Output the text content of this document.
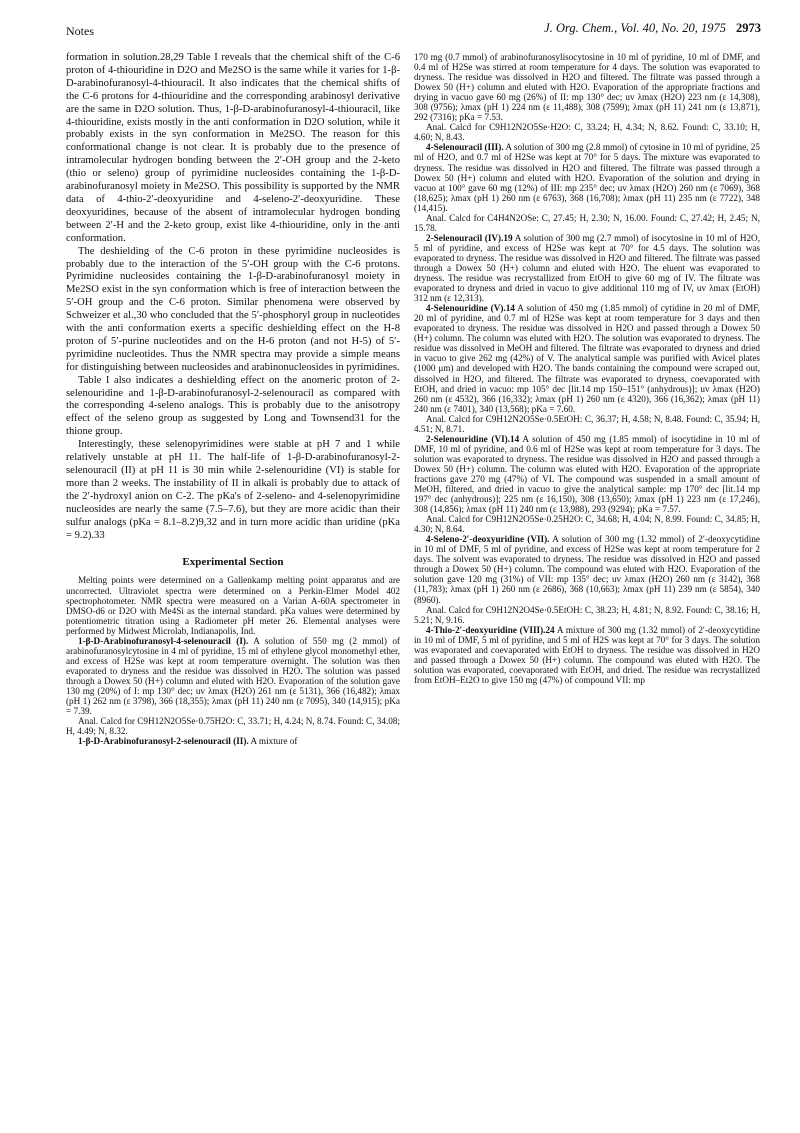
Notes	J. Org. Chem., Vol. 40, No. 20, 1975 2973

formation in solution.28,29 Table I reveals that the chemical shift of the C-6 proton of 4-thiouridine in D2O and Me2SO is the same while it varies for 1-β-D-arabinofuranosyl-4-thiouracil. It also indicates that the chemical shifts of the C-6 protons for 4-thiouridine and the corresponding arabinosyl derivative are the same in D2O solution. Thus, 1-β-D-arabinofuranosyl-4-thiouracil, like 4-thiouridine, exists mostly in the anti conformation in D2O solution, while it probably exists in the syn conformation in Me2SO. The reason for this conformational change is not clear. It is probably due to the presence of intramolecular hydrogen bonding between the 2′-OH group and the 2-keto (thio or seleno) group of pyrimidine nucleosides containing the 1-β-D-arabinofuranosyl moiety in Me2SO. This possibility is supported by the NMR data of 4-thio-2′-deoxyuridine and 4-seleno-2′-deoxyuridine. These deoxyuridines, because of the absent of intramolecular hydrogen bonding between 2′-H and the 2-keto group, exist like 4-thiouridine, only in the anti conformation.

The deshielding of the C-6 proton in these pyrimidine nucleosides is probably due to the interaction of the 5′-OH group with the C-6 protons. Pyrimidine nucleosides containing the 1-β-D-arabinofuranosyl moiety in Me2SO exist in the syn conformation which is free of interaction between the 5′-OH group and the C-6 proton. Similar phenomena were observed by Schweizer et al.,30 who concluded that the 5′-phosphoryl group in nucleotides with the anti conformation exerts a specific deshielding effect on the H-8 proton of 5′-purine nucleotides and on the H-6 proton (and not H-5) of 5′-pyrimidine nucleotides. Thus the NMR spectra may provide a simple means for distinguishing between nucleosides and arabinonucleosides in pyrimidines.

Table I also indicates a deshielding effect on the anomeric proton of 2-selenouridine and 1-β-D-arabinofuranosyl-2-selenouracil as compared with the corresponding 4-seleno analogs. This is probably due to the anisotropy effect of the seleno group as suggested by Long and Townsend31 for the thione group.

Interestingly, these selenopyrimidines were stable at pH 7 and 1 while relatively unstable at pH 11. The half-life of 1-β-D-arabinofuranosyl-2-selenouracil (II) at pH 11 is 30 min while 2-selenouridine (VI) is stable for more than 2 weeks. The instability of II in alkali is probably due to attack of the 2′-hydroxyl anion on C-2. The pKa's of 2-seleno- and 4-selenopyrimidine nucleosides are nearly the same (7.5–7.6), but they are more acidic than their sulfur analogs (pKa = 8.1–8.2)9,32 and in turn more acidic than uridine (pKa = 9.2).33

Experimental Section

Melting points were determined on a Gallenkamp melting point apparatus and are uncorrected. Ultraviolet spectra were determined on a Perkin-Elmer Model 402 spectrophotometer. NMR spectra were measured on a Varian A-60A spectrometer in DMSO-d6 or D2O with Me4Si as the internal standard. pKa values were determined by potentiometric titration using a Radiometer pH meter 26. Elemental analyses were performed by Midwest Microlab, Indianapolis, Ind.

1-β-D-Arabinofuranosyl-4-selenouracil (I). A solution of 550 mg (2 mmol) of arabinofuranosylcytosine in 4 ml of pyridine, 15 ml of ethylene glycol monomethyl ether, and excess of H2Se was kept at room temperature overnight. The solution was then evaporated to dryness and the residue was dissolved in H2O. The solution was passed through a Dowex 50 (H+) column and eluted with H2O. Evaporation of the solution gave 130 mg (20%) of I: mp 130° dec; uv λmax (H2O) 261 nm (ε 5131), 366 (16,482); λmax (pH 1) 262 nm (ε 3798), 366 (18,355); λmax (pH 11) 240 nm (ε 7095), 340 (14,915); pKa = 7.39.

Anal. Calcd for C9H12N2O5Se·0.75H2O: C, 33.71; H, 4.24; N, 8.74. Found: C, 34.08; H, 4.49; N, 8.32.

1-β-D-Arabinofuranosyl-2-selenouracil (II). A mixture of

170 mg (0.7 mmol) of arabinofuranosylisocytosine in 10 ml of pyridine, 10 ml of DMF, and 0.4 ml of H2Se was stirred at room temperature for 4 days. The solution was evaporated to dryness. The residue was dissolved in H2O and filtered. The filtrate was passed through a Dowex 50 (H+) column and eluted with H2O. Evaporation of the appropriate fractions and drying in vacuo gave 60 mg (26%) of II: mp 130° dec; uv λmax (H2O) 223 nm (ε 14,308), 308 (9756); λmax (pH 1) 224 nm (ε 11,488), 308 (7599); λmax (pH 11) 241 nm (ε 13,871), 292 (7316); pKa = 7.53.

Anal. Calcd for C9H12N2O5Se·H2O: C, 33.24; H, 4.34; N, 8.62. Found: C, 33.10; H, 4.60; N, 8.43.

4-Selenouracil (III). A solution of 300 mg (2.8 mmol) of cytosine in 10 ml of pyridine, 25 ml of H2O, and 0.7 ml of H2Se was kept at 70° for 5 days. The mixture was evaporated to dryness. The residue was dissolved in H2O and filtered. The filtrate was passed through a Dowex 50 (H+) column and eluted with H2O. Evaporation of the solution and drying in vacuo at 100° gave 60 mg (12%) of III: mp 235° dec; uv λmax (H2O) 260 nm (ε 7069), 368 (18,625); λmax (pH 1) 260 nm (ε 6763), 368 (16,708); λmax (pH 11) 235 nm (ε 7722), 348 (14,415).

Anal. Calcd for C4H4N2OSe: C, 27.45; H, 2.30; N, 16.00. Found: C, 27.42; H, 2.45; N, 15.78.

2-Selenouracil (IV).19 A solution of 300 mg (2.7 mmol) of isocytosine in 10 ml of H2O, 5 ml of pyridine, and excess of H2Se was kept at 70° for 4.5 days. The solution was evaporated to dryness. The residue was dissolved in H2O and filtered. The filtrate was passed through a Dowex 50 (H+) column and eluted with H2O. The eluent was evaporated to dryness. The residue was recrystallized from EtOH to give 60 mg of IV. The filtrate was evaporated to dryness and dried in vacuo to give additional 110 mg of IV, uv λmax (EtOH) 312 nm (ε 12,313).

4-Selenouridine (V).14 A solution of 450 mg (1.85 mmol) of cytidine in 20 ml of DMF, 20 ml of pyridine, and 0.7 ml of H2Se was kept at room temperature for 3 days and then evaporated to dryness. The residue was dissolved in H2O and passed through a Dowex 50 (H+) column. The column was eluted with H2O. The solution was evaporated to dryness. The residue was dissolved in MeOH and filtered. The filtrate was evaporated to dryness and dried in vacuo to give 262 mg (42%) of V. The analytical sample was purified with Avicel plates (1000 μm) and developed with H2O. The bands containing the compound were scraped out, dissolved in H2O, and filtered. The filtrate was evaporated to dryness, coevaporated with EtOH, and dried in vacuo: mp 105° dec [lit.14 mp 150–151° (anhydrous)]; uv λmax (H2O) 260 nm (ε 4532), 366 (16,332); λmax (pH 1) 260 nm (ε 4320), 366 (16,362); λmax (pH 11) 240 nm (ε 7401), 340 (13,568); pKa = 7.60.

Anal. Calcd for C9H12N2O5Se·0.5EtOH: C, 36.37; H, 4.58; N, 8.48. Found: C, 35.94; H, 4.51; N, 8.71.

2-Selenouridine (VI).14 A solution of 450 mg (1.85 mmol) of isocytidine in 10 ml of DMF, 10 ml of pyridine, and 0.6 ml of H2Se was kept at room temperature for 3 days. The solution was evaporated to dryness. The residue was dissolved in H2O and passed through a Dowex 50 (H+) column. The column was eluted with H2O. Evaporation of the appropriate fractions gave 270 mg (47%) of VI. The compound was suspended in a small amount of MeOH, filtered, and dried in vacuo to give the analytical sample: mp 170° dec [lit.14 mp 197° dec (anhydrous)]; 225 nm (ε 16,150), 308 (13,650); λmax (pH 1) 223 nm (ε 17,246), 308 (14,856); λmax (pH 11) 240 nm (ε 13,988), 293 (9294); pKa = 7.57.

Anal. Calcd for C9H12N2O5Se·0.25H2O: C, 34.68; H, 4.04; N, 8.99. Found: C, 34.85; H, 4.30; N, 8.64.

4-Seleno-2′-deoxyuridine (VII). A solution of 300 mg (1.32 mmol) of 2′-deoxycytidine in 10 ml of DMF, 5 ml of pyridine, and excess of H2Se was kept at room temperature for 2 days. The solvent was evaporated to dryness. The residue was dissolved in H2O and passed through a Dowex 50 (H+) column. The compound was eluted with H2O. Evaporation of the solution gave 120 mg (31%) of VII: mp 135° dec; uv λmax (H2O) 260 nm (ε 3142), 368 (11,783); λmax (pH 1) 260 nm (ε 2686), 368 (10,663); λmax (pH 11) 239 nm (ε 5854), 340 (8960).

Anal. Calcd for C9H12N2O4Se·0.5EtOH: C, 38.23; H, 4.81; N, 8.92. Found: C, 38.16; H, 5.21; N, 9.16.

4-Thio-2′-deoxyuridine (VIII).24 A mixture of 300 mg (1.32 mmol) of 2′-deoxycytidine in 10 ml of DMF, 5 ml of pyridine, and 5 ml of H2S was kept at 70° for 3 days. The solution was evaporated and coevaporated with EtOH to dryness. The residue was dissolved in H2O and passed through a Dowex 50 (H+) column. The compound was eluted with H2O. The solution was evaporated, coevaporated with EtOH, and dried. The residue was recrystallized from EtOH–Et2O to give 150 mg (47%) of compound VII: mp
